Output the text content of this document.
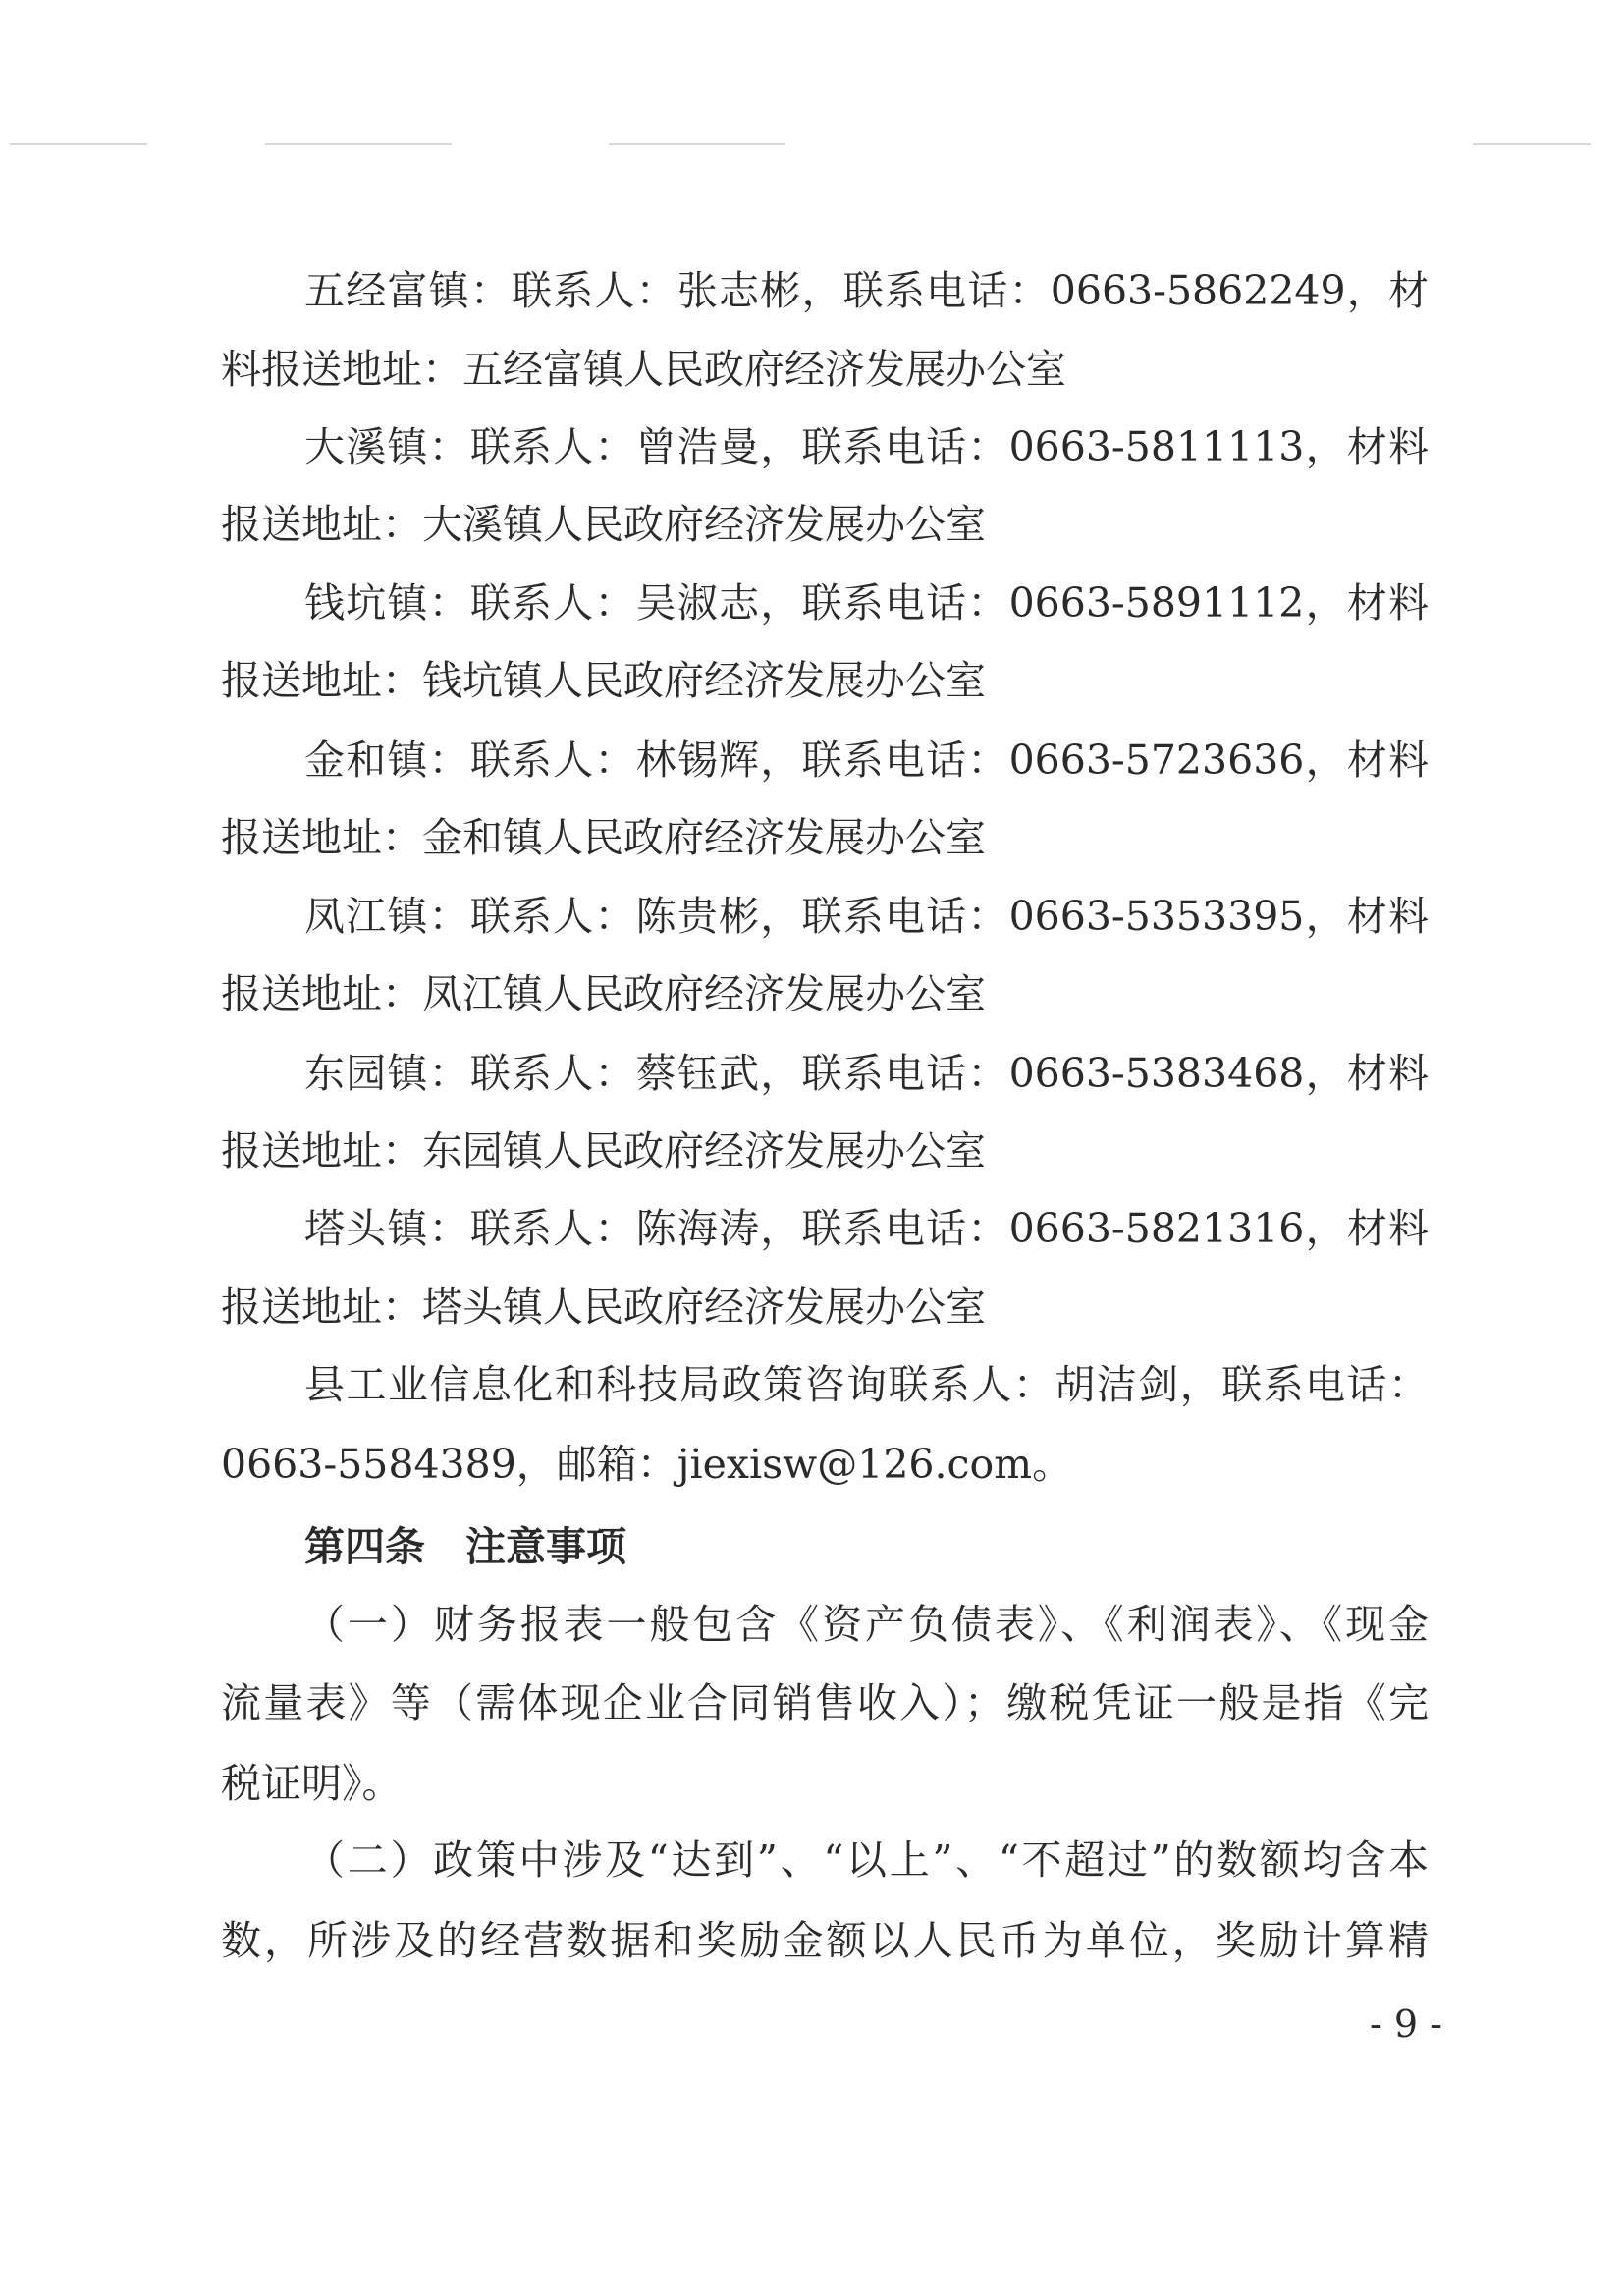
五经富镇：联系人：张志彬，联系电话：0663-5862249，材
料报送地址：五经富镇人民政府经济发展办公室
大溪镇：联系人：曾浩曼，联系电话：0663-5811113，材料
报送地址：大溪镇人民政府经济发展办公室
钱坑镇：联系人：吴淑志，联系电话：0663-5891112，材料
报送地址：钱坑镇人民政府经济发展办公室
金和镇：联系人：林锡辉，联系电话：0663-5723636，材料
报送地址：金和镇人民政府经济发展办公室
凤江镇：联系人：陈贵彬，联系电话：0663-5353395，材料
报送地址：凤江镇人民政府经济发展办公室
东园镇：联系人：蔡钰武，联系电话：0663-5383468，材料
报送地址：东园镇人民政府经济发展办公室
塔头镇：联系人：陈海涛，联系电话：0663-5821316，材料
报送地址：塔头镇人民政府经济发展办公室
县工业信息化和科技局政策咨询联系人：胡洁剑，联系电话：
0663-5584389，邮箱：jiexisw@126.com。
第四条　注意事项
（一）财务报表一般包含《资产负债表》、《利润表》、《现金
流量表》等（需体现企业合同销售收入）；缴税凭证一般是指《完
税证明》。
（二）政策中涉及“达到”、“以上”、“不超过”的数额均含本
数，所涉及的经营数据和奖励金额以人民币为单位，奖励计算精
- 9 -
